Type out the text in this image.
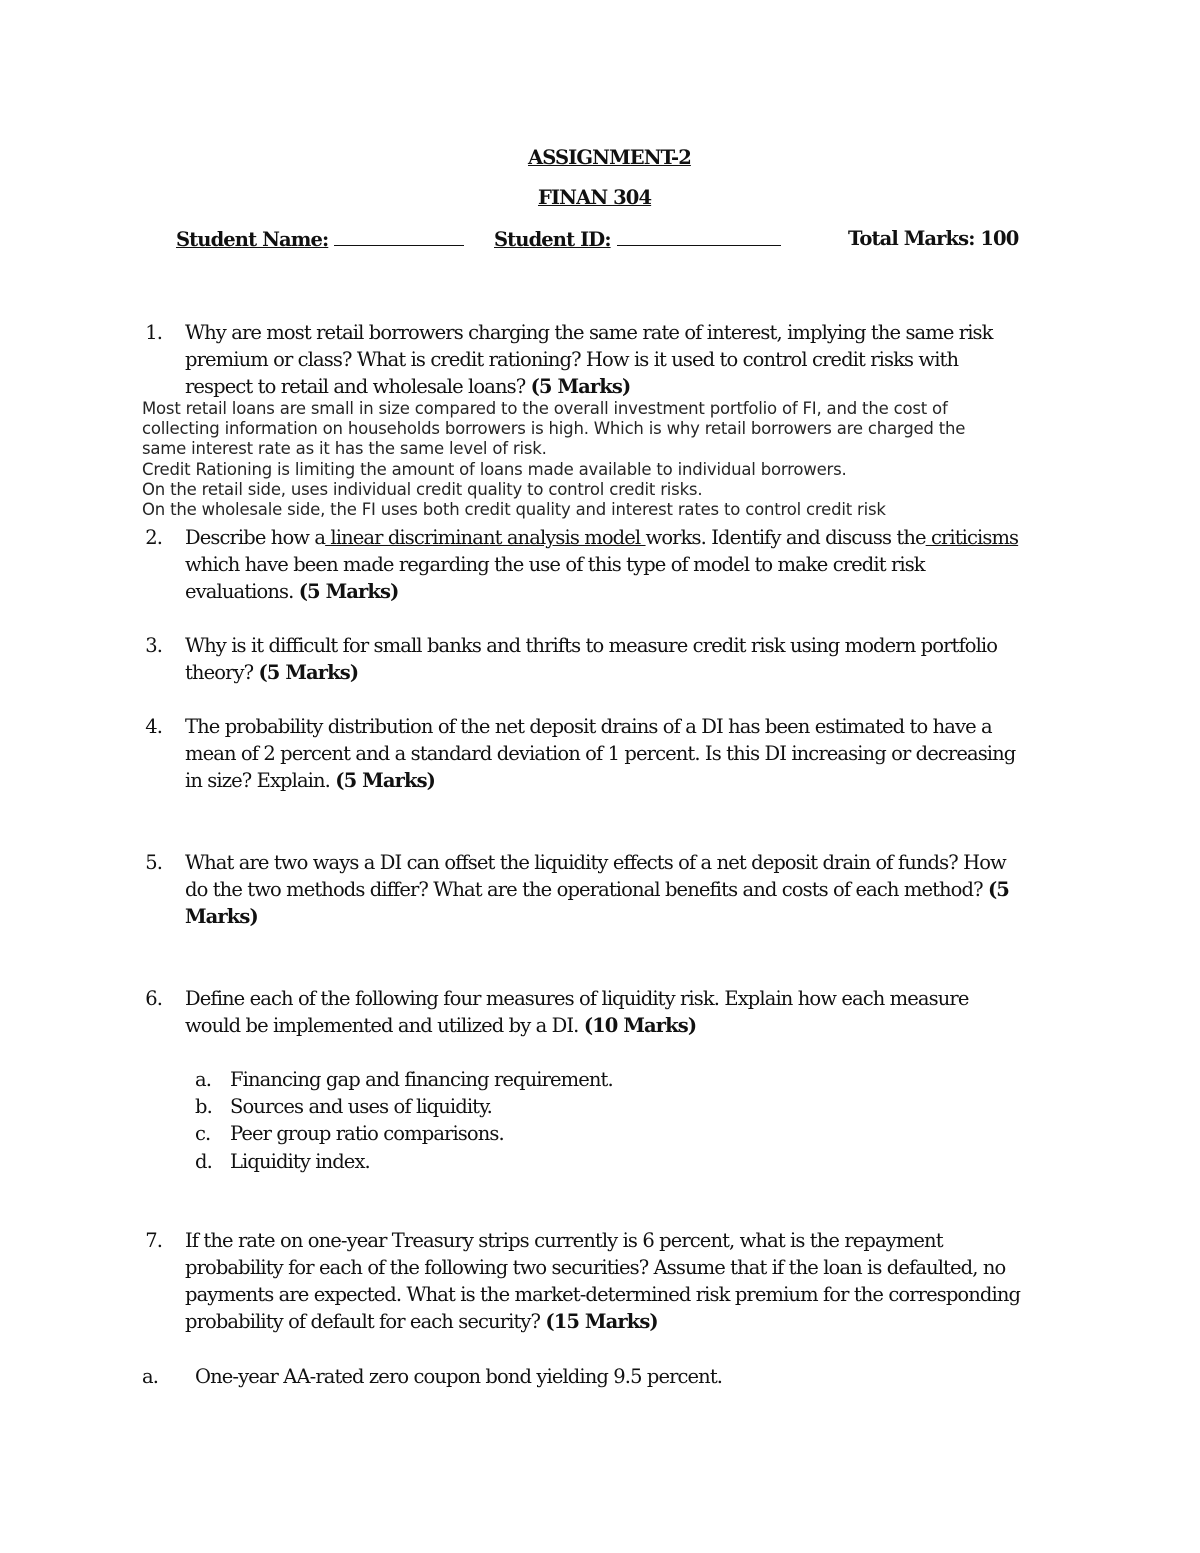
ASSIGNMENT-2
FINAN 304
Student Name:	Student ID:	Total Marks: 100
1. Why are most retail borrowers charging the same rate of interest, implying the same risk
premium or class? What is credit rationing? How is it used to control credit risks with
respect to retail and wholesale loans? (5 Marks)
Most retail loans are small in size compared to the overall investment portfolio of FI, and the cost of
collecting information on households borrowers is high. Which is why retail borrowers are charged the
same interest rate as it has the same level of risk.
Credit Rationing is limiting the amount of loans made available to individual borrowers.
On the retail side, uses individual credit quality to control credit risks.
On the wholesale side, the FI uses both credit quality and interest rates to control credit risk
2. Describe how a linear discriminant analysis model works. Identify and discuss the criticisms
which have been made regarding the use of this type of model to make credit risk
evaluations. (5 Marks)
3. Why is it difficult for small banks and thrifts to measure credit risk using modern portfolio
theory? (5 Marks)
4. The probability distribution of the net deposit drains of a DI has been estimated to have a
mean of 2 percent and a standard deviation of 1 percent. Is this DI increasing or decreasing
in size? Explain. (5 Marks)
5. What are two ways a DI can offset the liquidity effects of a net deposit drain of funds? How
do the two methods differ? What are the operational benefits and costs of each method? (5
Marks)
6. Define each of the following four measures of liquidity risk. Explain how each measure
would be implemented and utilized by a DI. (10 Marks)
a. Financing gap and financing requirement.
b. Sources and uses of liquidity.
c. Peer group ratio comparisons.
d. Liquidity index.
7. If the rate on one-year Treasury strips currently is 6 percent, what is the repayment
probability for each of the following two securities? Assume that if the loan is defaulted, no
payments are expected. What is the market-determined risk premium for the corresponding
probability of default for each security? (15 Marks)
a. One-year AA-rated zero coupon bond yielding 9.5 percent.
